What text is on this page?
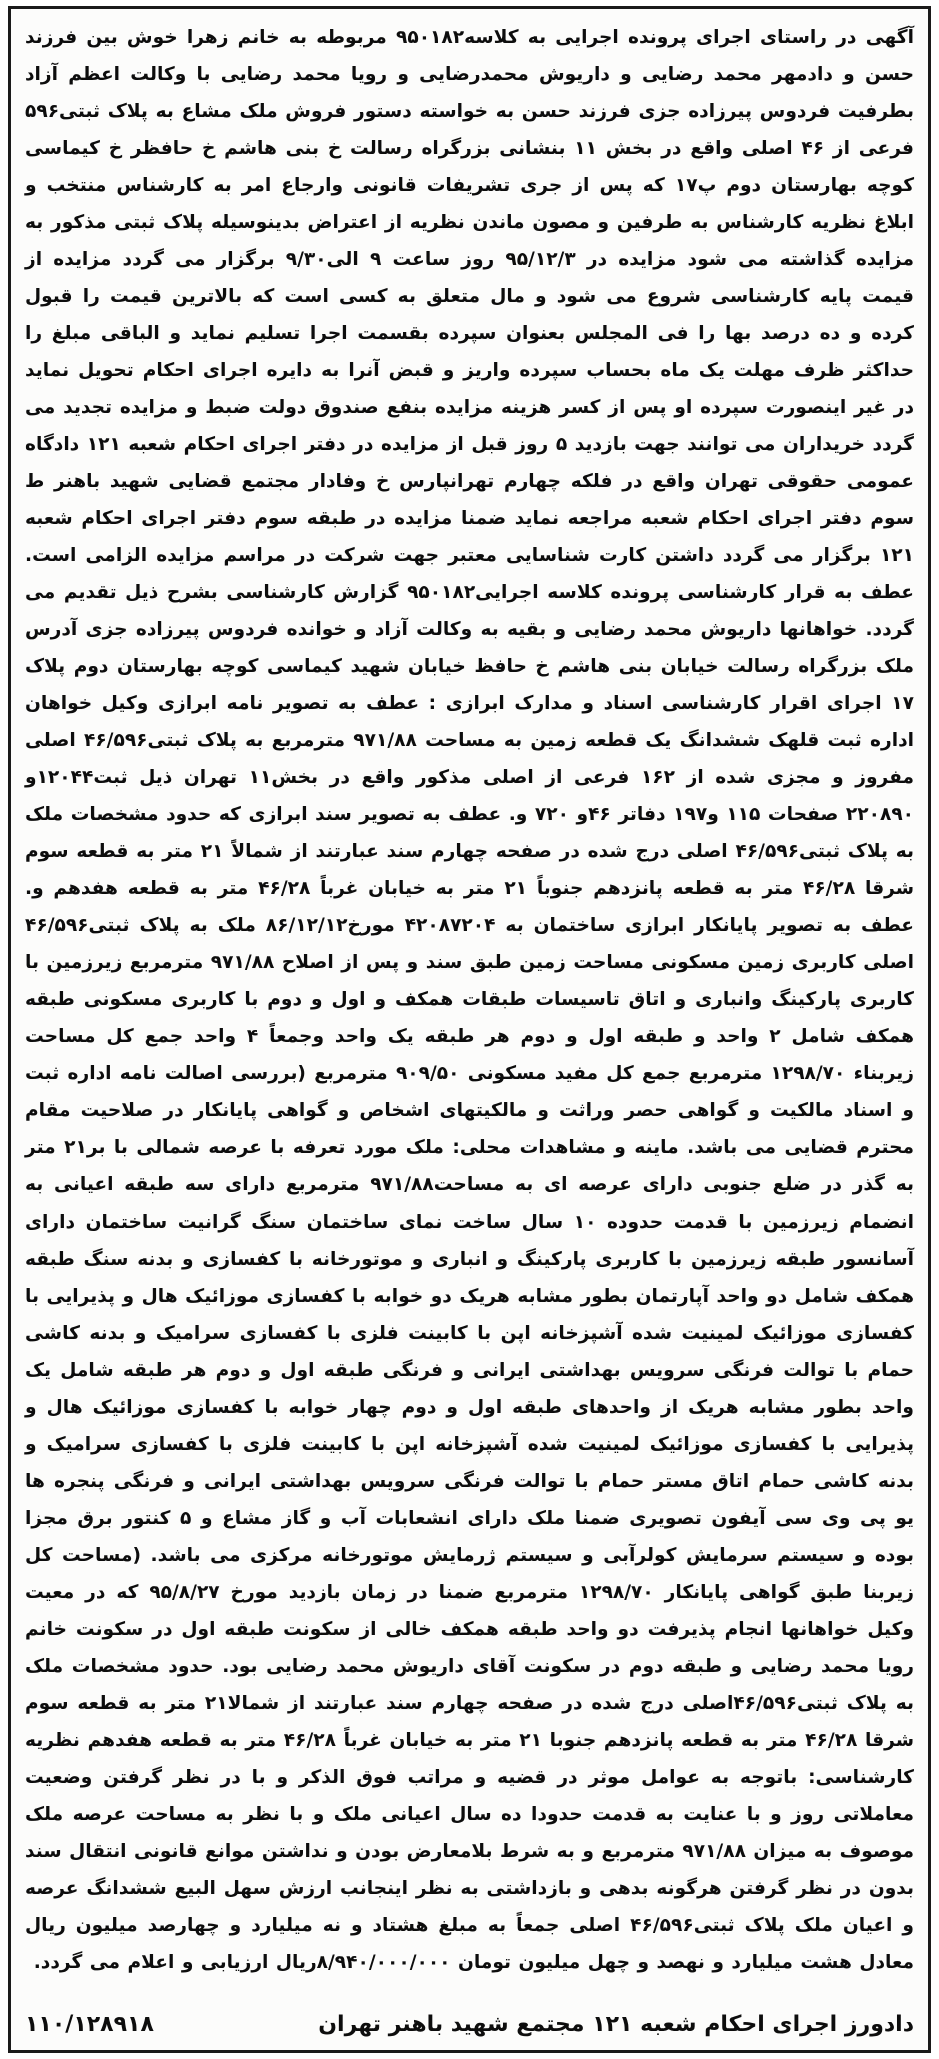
آگهی در راستای اجرای پرونده اجرایی به کلاسه۹۵۰۱۸۲ مربوطه به خانم زهرا خوش بین فرزند حسن و دادمهر محمد رضایی و داریوش محمدرضایی و رویا محمد رضایی با وکالت اعظم آزاد بطرفیت فردوس پیرزاده جزی فرزند حسن به خواسته دستور فروش ملک مشاع به پلاک ثبتی۵۹۶ فرعی از ۴۶ اصلی واقع در بخش ۱۱ بنشانی بزرگراه رسالت خ بنی هاشم خ حافظر خ کیماسی کوچه بهارستان دوم پ۱۷ که پس از جری تشریفات قانونی وارجاع امر به کارشناس منتخب و ابلاغ نظریه کارشناس به طرفین و مصون ماندن نظریه از اعتراض بدینوسیله پلاک ثبتی مذکور به مزایده گذاشته می شود مزایده در ۹۵/۱۲/۳ روز ساعت ۹ الی۹/۳۰ برگزار می گردد مزایده از قیمت پایه کارشناسی شروع می شود و مال متعلق به کسی است که بالاترین قیمت را قبول کرده و ده درصد بها را فی المجلس بعنوان سپرده بقسمت اجرا تسلیم نماید و الباقی مبلغ را حداکثر ظرف مهلت یک ماه بحساب سپرده واریز و قبض آنرا به دایره اجرای احکام تحویل نماید در غیر اینصورت سپرده او پس از کسر هزینه مزایده بنفع صندوق دولت ضبط و مزایده تجدید می گردد خریداران می توانند جهت بازدید ۵ روز قبل از مزایده در دفتر اجرای احکام شعبه ۱۲۱ دادگاه عمومی حقوقی تهران واقع در فلکه چهارم تهرانپارس خ وفادار مجتمع قضایی شهید باهنر ط سوم دفتر اجرای احکام شعبه مراجعه نماید ضمنا مزایده در طبقه سوم دفتر اجرای احکام شعبه ۱۲۱ برگزار می گردد داشتن کارت شناسایی معتبر جهت شرکت در مراسم مزایده الزامی است. عطف به قرار کارشناسی پرونده کلاسه اجرایی۹۵۰۱۸۲ گزارش کارشناسی بشرح ذیل تقدیم می گردد. خواهانها داریوش محمد رضایی و بقیه به وکالت آزاد و خوانده فردوس پیرزاده جزی آدرس ملک بزرگراه رسالت خیابان بنی هاشم خ حافظ خیابان شهید کیماسی کوچه بهارستان دوم پلاک ۱۷ اجرای اقرار کارشناسی اسناد و مدارک ابرازی : عطف به تصویر نامه ابرازی وکیل خواهان اداره ثبت قلهک ششدانگ یک قطعه زمین به مساحت ۹۷۱/۸۸ مترمربع به پلاک ثبتی۴۶/۵۹۶ اصلی مفروز و مجزی شده از ۱۶۲ فرعی از اصلی مذکور واقع در بخش۱۱ تهران ذیل ثبت۱۲۰۴۴و ۲۲۰۸۹۰ صفحات ۱۱۵ و۱۹۷ دفاتر ۴۶و ۷۲۰ و. عطف به تصویر سند ابرازی که حدود مشخصات ملک به پلاک ثبتی۴۶/۵۹۶ اصلی درج شده در صفحه چهارم سند عبارتند از شمالاً ۲۱ متر به قطعه سوم شرقا ۴۶/۲۸ متر به قطعه پانزدهم جنوباً ۲۱ متر به خیابان غرباً ۴۶/۲۸ متر به قطعه هفدهم و. عطف به تصویر پایانکار ابرازی ساختمان به ۴۲۰۸۷۲۰۴ مورخ۸۶/۱۲/۱۲ ملک به پلاک ثبتی۴۶/۵۹۶ اصلی کاربری زمین مسکونی مساحت زمین طبق سند و پس از اصلاح ۹۷۱/۸۸ مترمربع زیرزمین با کاربری پارکینگ وانباری و اتاق تاسیسات طبقات همکف و اول و دوم با کاربری مسکونی طبقه همکف شامل ۲ واحد و طبقه اول و دوم هر طبقه یک واحد وجمعاً ۴ واحد جمع کل مساحت زیربناء ۱۲۹۸/۷۰ مترمربع جمع کل مفید مسکونی ۹۰۹/۵۰ مترمربع (بررسی اصالت نامه اداره ثبت و اسناد مالکیت و گواهی حصر وراثت و مالکیتهای اشخاص و گواهی پایانکار در صلاحیت مقام محترم قضایی می باشد. ماینه و مشاهدات محلی: ملک مورد تعرفه با عرصه شمالی با بر۲۱ متر به گذر در ضلع جنوبی دارای عرصه ای به مساحت۹۷۱/۸۸ مترمربع دارای سه طبقه اعیانی به انضمام زیرزمین با قدمت حدوده ۱۰ سال ساخت نمای ساختمان سنگ گرانیت ساختمان دارای آسانسور طبقه زیرزمین با کاربری پارکینگ و انباری و موتورخانه با کفسازی و بدنه سنگ طبقه همکف شامل دو واحد آپارتمان بطور مشابه هریک دو خوابه با کفسازی موزائیک هال و پذیرایی با کفسازی موزائیک لمینیت شده آشپزخانه اپن با کابینت فلزی با کفسازی سرامیک و بدنه کاشی حمام با توالت فرنگی سرویس بهداشتی ایرانی و فرنگی طبقه اول و دوم هر طبقه شامل یک واحد بطور مشابه هریک از واحدهای طبقه اول و دوم چهار خوابه با کفسازی موزائیک هال و پذیرایی با کفسازی موزائیک لمینیت شده آشپزخانه اپن با کابینت فلزی با کفسازی سرامیک و بدنه کاشی حمام اتاق مستر حمام با توالت فرنگی سرویس بهداشتی ایرانی و فرنگی پنجره ها یو پی وی سی آیفون تصویری ضمنا ملک دارای انشعابات آب و گاز مشاع و ۵ کنتور برق مجزا بوده و سیستم سرمایش کولرآبی و سیستم ژرمایش موتورخانه مرکزی می باشد. (مساحت کل زیربنا طبق گواهی پایانکار ۱۲۹۸/۷۰ مترمربع ضمنا در زمان بازدید مورخ ۹۵/۸/۲۷ که در معیت وکیل خواهانها انجام پذیرفت دو واحد طبقه همکف خالی از سکونت طبقه اول در سکونت خانم رویا محمد رضایی و طبقه دوم در سکونت آقای داریوش محمد رضایی بود. حدود مشخصات ملک به پلاک ثبتی۴۶/۵۹۶اصلی درج شده در صفحه چهارم سند عبارتند از شمالا۲۱ متر به قطعه سوم شرقا ۴۶/۲۸ متر به قطعه پانزدهم جنوبا ۲۱ متر به خیابان غرباً ۴۶/۲۸ متر به قطعه هفدهم نظریه کارشناسی: باتوجه به عوامل موثر در قضیه و مراتب فوق الذکر و با در نظر گرفتن وضعیت معاملاتی روز و با عنایت به قدمت حدودا ده سال اعیانی ملک و با نظر به مساحت عرصه ملک موصوف به میزان ۹۷۱/۸۸ مترمربع و به شرط بلامعارض بودن و نداشتن موانع قانونی انتقال سند بدون در نظر گرفتن هرگونه بدهی و بازداشتی به نظر اینجانب ارزش سهل البیع ششدانگ عرصه و اعیان ملک پلاک ثبتی۴۶/۵۹۶ اصلی جمعاً به مبلغ هشتاد و نه میلیارد و چهارصد میلیون ریال معادل هشت میلیارد و نهصد و چهل میلیون تومان ۸/۹۴۰/۰۰۰/۰۰۰ریال ارزیابی و اعلام می گردد.

دادورز اجرای احکام شعبه ۱۲۱ مجتمع شهید باهنر تهران
۱۱۰/۱۲۸۹۱۸
